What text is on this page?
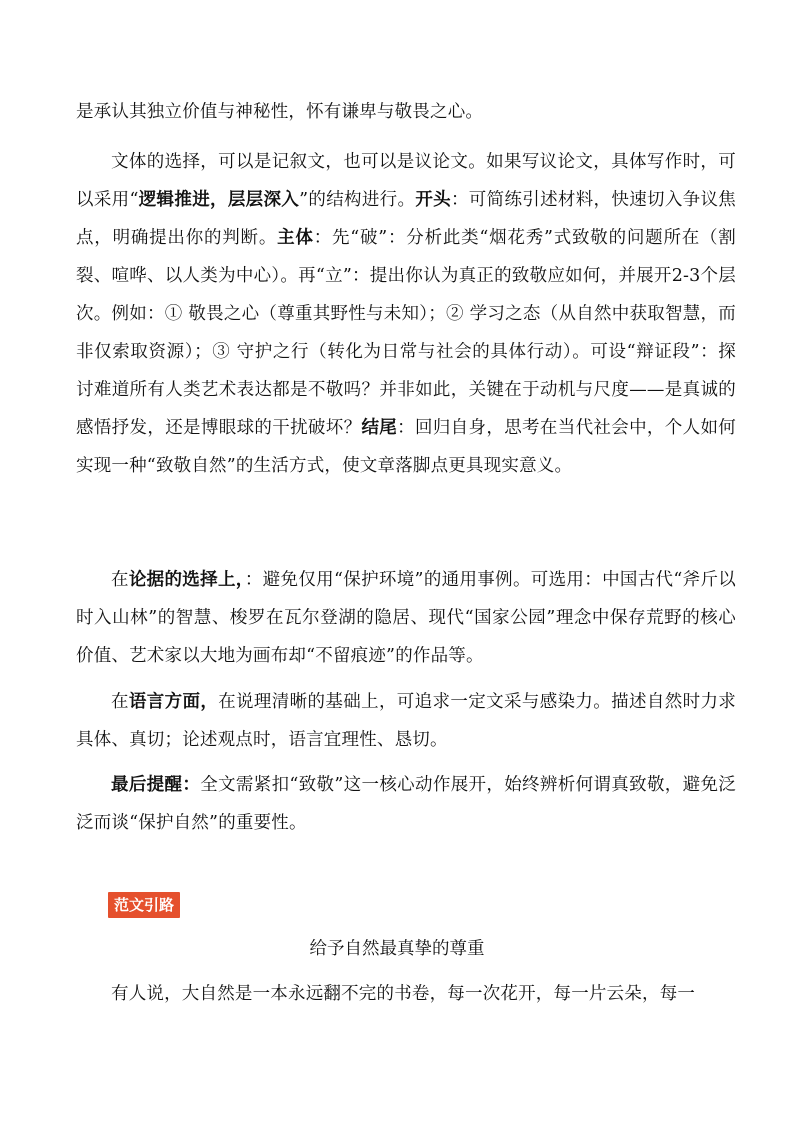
是承认其独立价值与神秘性，怀有谦卑与敬畏之心。

文体的选择，可以是记叙文，也可以是议论文。如果写议论文，具体写作时，可以采用“逻辑推进，层层深入”的结构进行。开头：可简练引述材料，快速切入争议焦点，明确提出你的判断。主体：先“破”：分析此类“烟花秀”式致敬的问题所在（割裂、喧哗、以人类为中心）。再“立”：提出你认为真正的致敬应如何，并展开2-3个层次。例如：① 敬畏之心（尊重其野性与未知）；② 学习之态（从自然中获取智慧，而非仅索取资源）；③ 守护之行（转化为日常与社会的具体行动）。可设“辩证段”：探讨难道所有人类艺术表达都是不敬吗？并非如此，关键在于动机与尺度——是真诚的感悟抒发，还是博眼球的干扰破坏？结尾：回归自身，思考在当代社会中，个人如何实现一种“致敬自然”的生活方式，使文章落脚点更具现实意义。

在论据的选择上，：避免仅用“保护环境”的通用事例。可选用：中国古代“斧斤以时入山林”的智慧、梭罗在瓦尔登湖的隐居、现代“国家公园”理念中保存荒野的核心价值、艺术家以大地为画布却“不留痕迹”的作品等。

在语言方面，在说理清晰的基础上，可追求一定文采与感染力。描述自然时力求具体、真切；论述观点时，语言宜理性、恳切。

最后提醒：全文需紧扣“致敬”这一核心动作展开，始终辨析何谓真致敬，避免泛泛而谈“保护自然”的重要性。

范文引路

给予自然最真挚的尊重

有人说，大自然是一本永远翻不完的书卷，每一次花开，每一片云朵，每一
